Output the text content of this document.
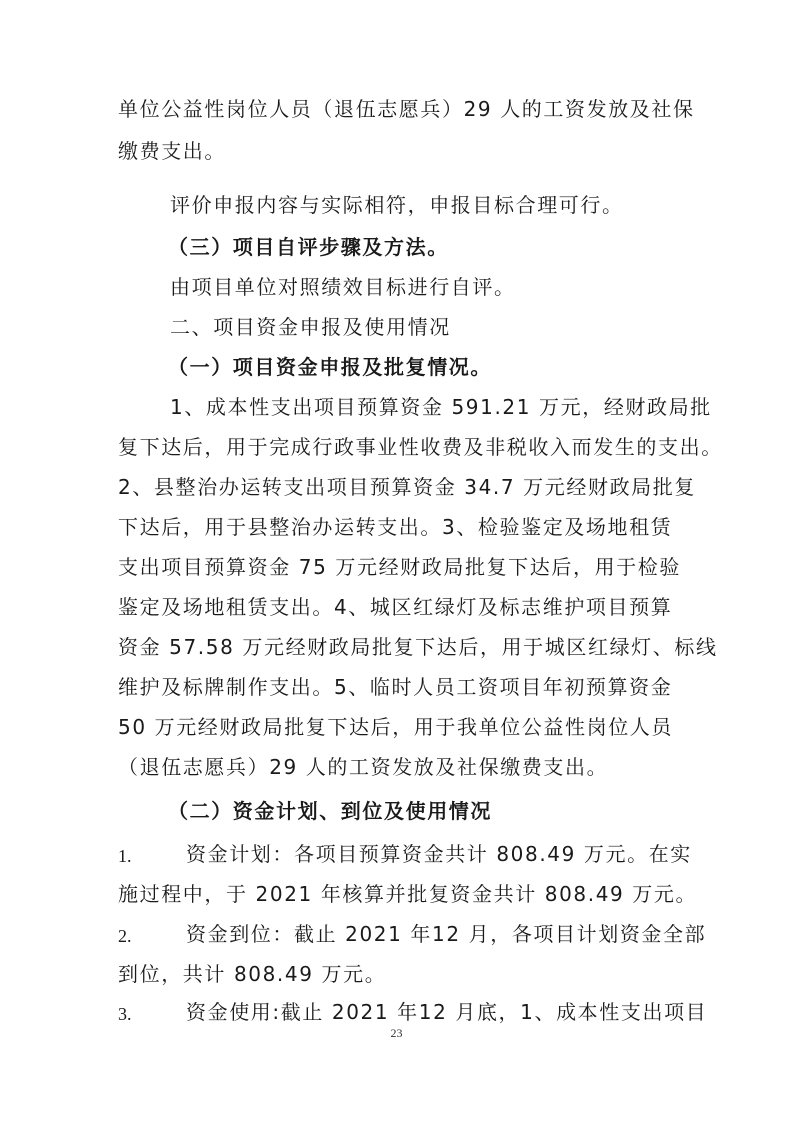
单位公益性岗位人员（退伍志愿兵）29 人的工资发放及社保
缴费支出。
评价申报内容与实际相符，申报目标合理可行。
（三）项目自评步骤及方法。
由项目单位对照绩效目标进行自评。
二、项目资金申报及使用情况
（一）项目资金申报及批复情况。
1、成本性支出项目预算资金 591.21 万元，经财政局批
复下达后，用于完成行政事业性收费及非税收入而发生的支出。
2、县整治办运转支出项目预算资金 34.7 万元经财政局批复
下达后，用于县整治办运转支出。3、检验鉴定及场地租赁
支出项目预算资金 75 万元经财政局批复下达后，用于检验
鉴定及场地租赁支出。4、城区红绿灯及标志维护项目预算
资金 57.58 万元经财政局批复下达后，用于城区红绿灯、标线
维护及标牌制作支出。5、临时人员工资项目年初预算资金
50 万元经财政局批复下达后，用于我单位公益性岗位人员
（退伍志愿兵）29 人的工资发放及社保缴费支出。
（二）资金计划、到位及使用情况
1.	资金计划：各项目预算资金共计 808.49 万元。在实
施过程中，于 2021 年核算并批复资金共计 808.49 万元。
2.	资金到位：截止 2021 年12 月，各项目计划资金全部
到位，共计 808.49 万元。
3.	资金使用:截止 2021 年12 月底，1、成本性支出项目
23
